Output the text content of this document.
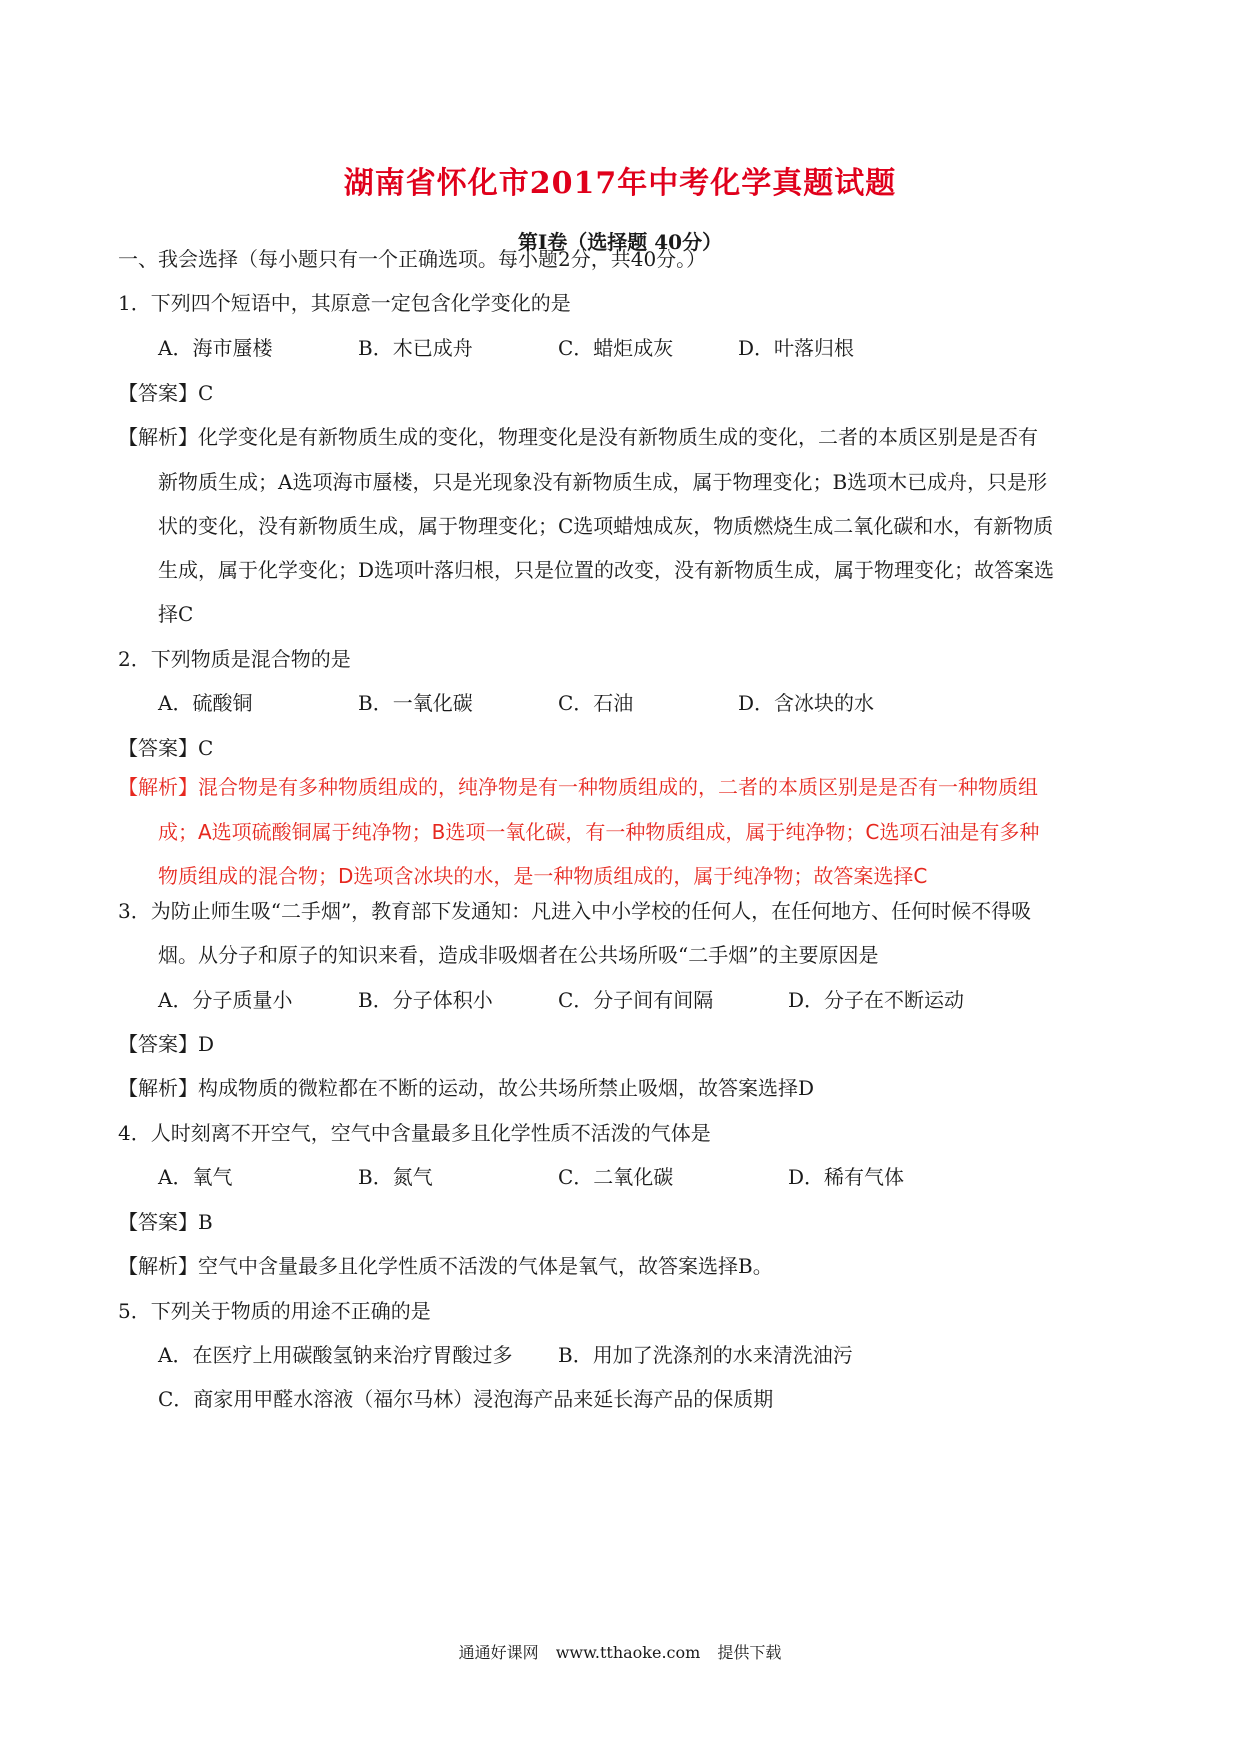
湖南省怀化市2017年中考化学真题试题
第Ⅰ卷（选择题 40分）
一、我会选择（每小题只有一个正确选项。每小题2分，共40分。）
1．下列四个短语中，其原意一定包含化学变化的是
A．海市蜃楼	B．木已成舟	C．蜡炬成灰	D．叶落归根
【答案】C
【解析】化学变化是有新物质生成的变化，物理变化是没有新物质生成的变化，二者的本质区别是是否有
新物质生成；A选项海市蜃楼，只是光现象没有新物质生成，属于物理变化；B选项木已成舟，只是形
状的变化，没有新物质生成，属于物理变化；C选项蜡烛成灰，物质燃烧生成二氧化碳和水，有新物质
生成，属于化学变化；D选项叶落归根，只是位置的改变，没有新物质生成，属于物理变化；故答案选
择C
2．下列物质是混合物的是
A．硫酸铜	B．一氧化碳	C．石油	D．含冰块的水
【答案】C
【解析】混合物是有多种物质组成的，纯净物是有一种物质组成的，二者的本质区别是是否有一种物质组
成；A选项硫酸铜属于纯净物；B选项一氧化碳，有一种物质组成，属于纯净物；C选项石油是有多种
物质组成的混合物；D选项含冰块的水，是一种物质组成的，属于纯净物；故答案选择C
3．为防止师生吸“二手烟”，教育部下发通知：凡进入中小学校的任何人，在任何地方、任何时候不得吸
烟。从分子和原子的知识来看，造成非吸烟者在公共场所吸“二手烟”的主要原因是
A．分子质量小	B．分子体积小	C．分子间有间隔	D．分子在不断运动
【答案】D
【解析】构成物质的微粒都在不断的运动，故公共场所禁止吸烟，故答案选择D
4．人时刻离不开空气，空气中含量最多且化学性质不活泼的气体是
A．氧气	B．氮气	C．二氧化碳	D．稀有气体
【答案】B
【解析】空气中含量最多且化学性质不活泼的气体是氧气，故答案选择B。
5．下列关于物质的用途不正确的是
A．在医疗上用碳酸氢钠来治疗胃酸过多 B．用加了洗涤剂的水来清洗油污
C．商家用甲醛水溶液（福尔马林）浸泡海产品来延长海产品的保质期
通通好课网 www.tthaoke.com 提供下载
